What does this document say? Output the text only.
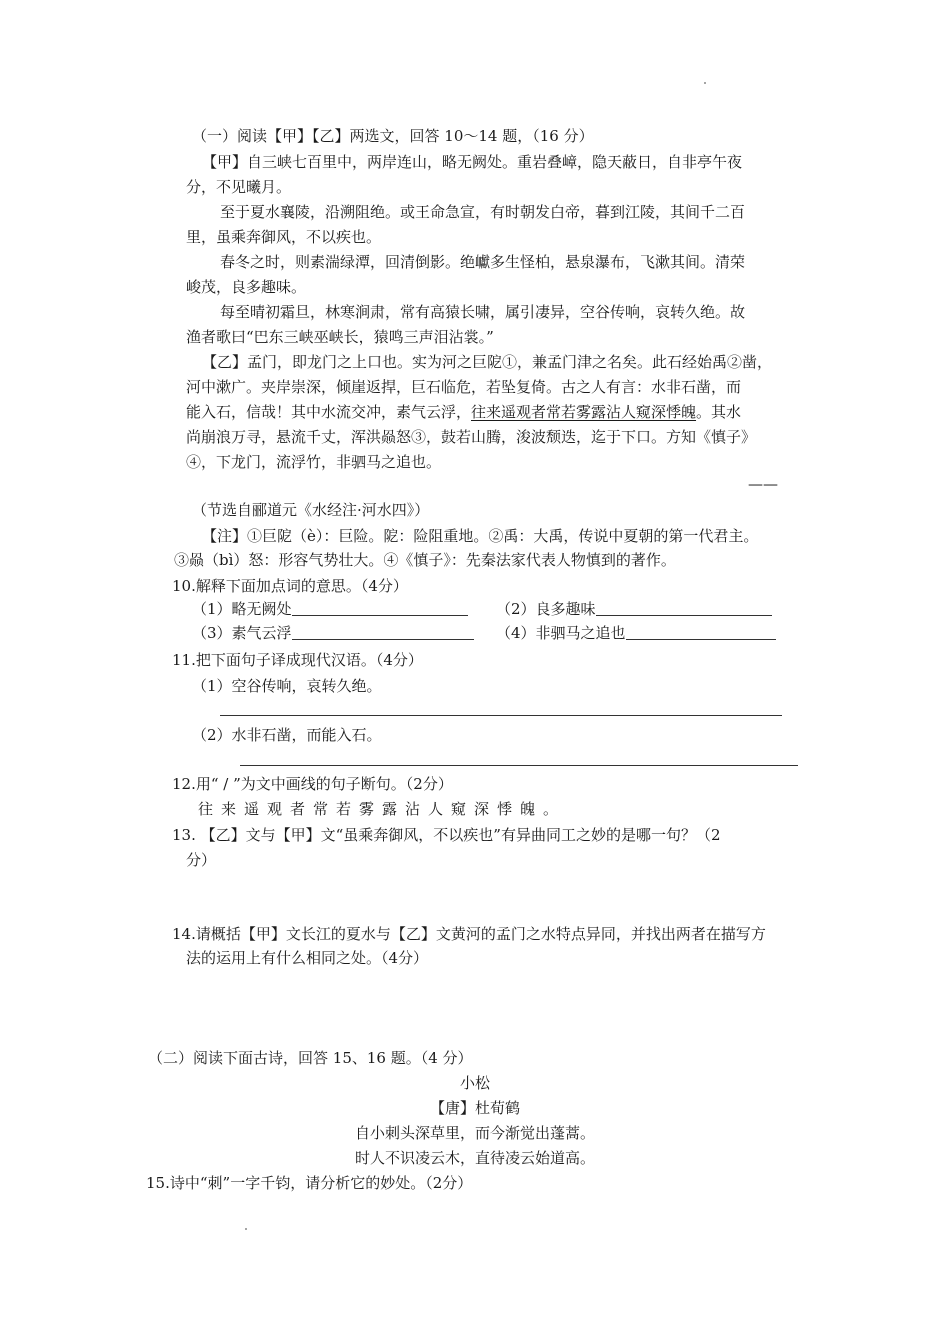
（一）阅读【甲】【乙】两选文，回答 10～14 题，（16 分）
【甲】自三峡七百里中，两岸连山，略无阙处。重岩叠嶂，隐天蔽日，自非亭午夜
分，不见曦月。
至于夏水襄陵，沿溯阻绝。或王命急宣，有时朝发白帝，暮到江陵，其间千二百
里，虽乘奔御风，不以疾也。
春冬之时，则素湍绿潭，回清倒影。绝巘多生怪柏，悬泉瀑布，飞漱其间。清荣
峻茂，良多趣味。
每至晴初霜旦，林寒涧肃，常有高猿长啸，属引凄异，空谷传响，哀转久绝。故
渔者歌曰“巴东三峡巫峡长，猿鸣三声泪沾裳。”
【乙】孟门，即龙门之上口也。实为河之巨阸①，兼孟门津之名矣。此石经始禹②凿，
河中漱广。夹岸崇深，倾崖返捍，巨石临危，若坠复倚。古之人有言：水非石凿，而
能入石，信哉！其中水流交冲，素气云浮，往来遥观者常若雾露沾人窥深悸魄。其水
尚崩浪万寻，悬流千丈，浑洪赑怒③，鼓若山腾，浚波颓迭，迄于下口。方知《慎子》
④，下龙门，流浮竹，非驷马之追也。
——
（节选自郦道元《水经注·河水四》）
【注】①巨阸（è）：巨险。阸：险阻重地。②禹：大禹，传说中夏朝的第一代君主。
③赑（bì）怒：形容气势壮大。④《慎子》：先秦法家代表人物慎到的著作。
10.解释下面加点词的意思。（4分）
（1）略无阙处	（2）良多趣味
（3）素气云浮	（4）非驷马之追也
11.把下面句子译成现代汉语。（4分）
（1）空谷传响，哀转久绝。
（2）水非石凿，而能入石。
12.用“ / ”为文中画线的句子断句。（2分）
往来遥观者常若雾露沾人窥深悸魄。
13. 【乙】文与【甲】文“虽乘奔御风，不以疾也”有异曲同工之妙的是哪一句？（2
分）
14.请概括【甲】文长江的夏水与【乙】文黄河的孟门之水特点异同，并找出两者在描写方
法的运用上有什么相同之处。（4分）
（二）阅读下面古诗，回答 15、16 题。（4 分）
小松
【唐】杜荀鹤
自小刺头深草里，而今渐觉出蓬蒿。
时人不识凌云木，直待凌云始道高。
15.诗中“刺”一字千钧，请分析它的妙处。（2分）
